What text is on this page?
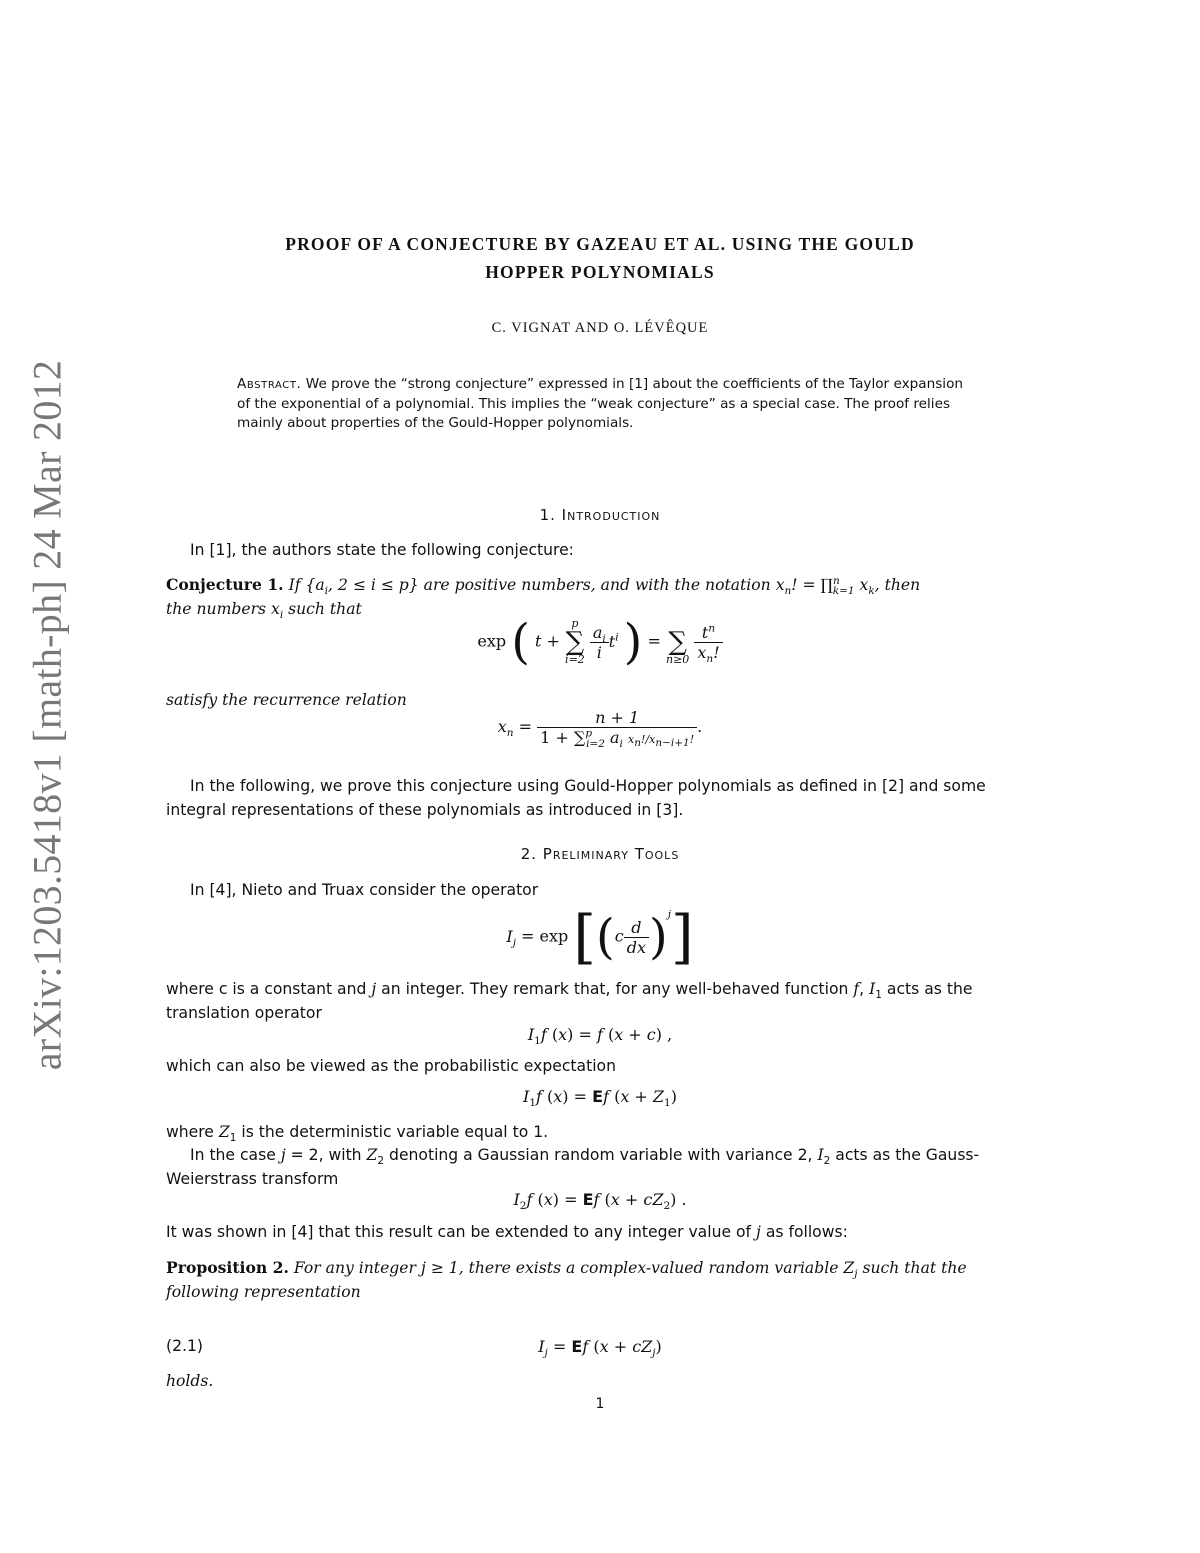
arXiv:1203.5418v1 [math-ph] 24 Mar 2012
PROOF OF A CONJECTURE BY GAZEAU ET AL. USING THE GOULD
HOPPER POLYNOMIALS
C. VIGNAT AND O. LÉVÊQUE
Abstract. We prove the “strong conjecture” expressed in [1] about the coefficients of the Taylor expansion of the exponential of a polynomial. This implies the “weak conjecture” as a special case. The proof relies mainly about properties of the Gould-Hopper polynomials.
1. Introduction
In [1], the authors state the following conjecture:
Conjecture 1. If {$a_i$, 2 ≤ i ≤ p} are positive numbers, and with the notation $x_n$! = ∏$^n_{k=1}$ $x_k$, then
the numbers $x_i$ such that
exp ( t +
p
∑
i=2
$\frac{a_i}{i} t^i$ ) =
∑
n≥0
$\frac{t^n}{x_n!}$
satisfy the recurrence relation
$x_n = \frac{n + 1}{1 + \sum^p_{i=2} a_i x_n!/x_{n-i+1}!}$ .
In the following, we prove this conjecture using Gould-Hopper polynomials as defined in [2] and some integral representations of these polynomials as introduced in [3].
2. Preliminary Tools
In [4], Nieto and Truax consider the operator
$I_j = \exp [(c \frac{d}{dx} )^j]$
where c is a constant and j an integer. They remark that, for any well-behaved function f, $I_1$ acts as the translation operator
$I_1f$ (x) = f (x + c) ,
which can also be viewed as the probabilistic expectation
$I_1f$ (x) = Ef $(x + Z_1)$
where $Z_1$ is the deterministic variable equal to 1.
In the case j = 2, with $Z_2$ denoting a Gaussian random variable with variance 2, $I_2$ acts as the Gauss-Weierstrass transform
$I_2f$ (x) = Ef $(x + cZ_2)$ .
It was shown in [4] that this result can be extended to any integer value of j as follows:
Proposition 2. For any integer j ≥ 1, there exists a complex-valued random variable $Z_j$ such that the following representation
(2.1)	$I_j = Ef$ $(x + cZ_j)$
holds.
1
